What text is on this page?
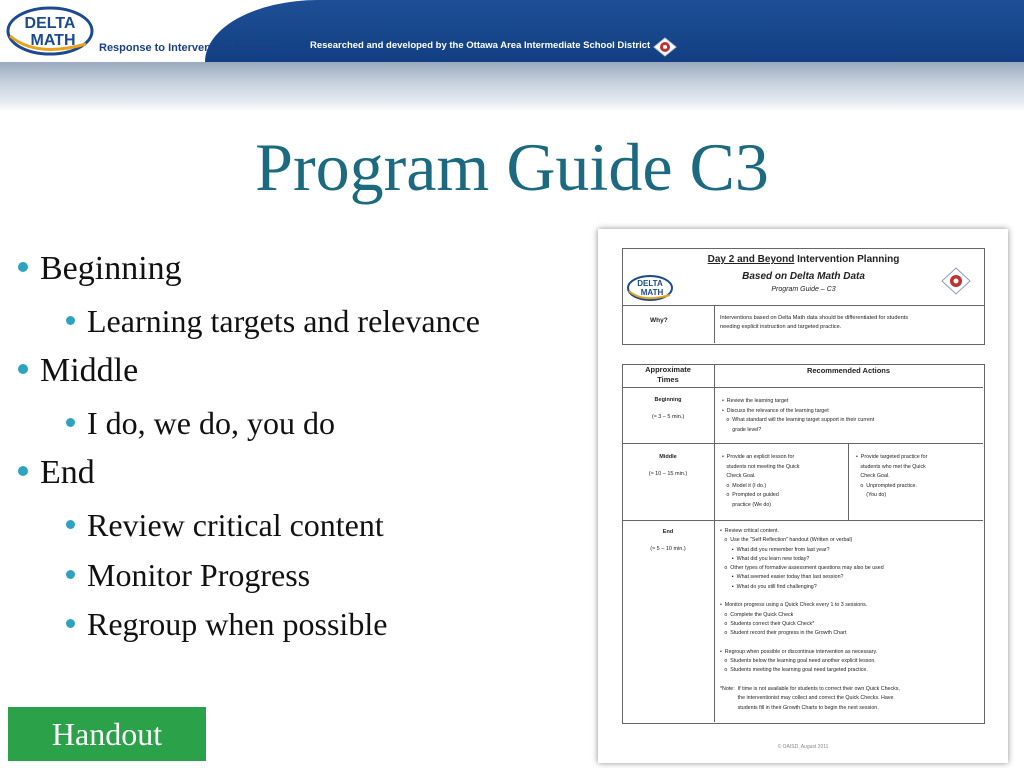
DELTA
MATH Response to Intervention Program	Researched and developed by the Ottawa Area Intermediate School District
Program Guide C3
Beginning
Learning targets and relevance
Middle
I do, we do, you do
End
Review critical content
Monitor Progress
Regroup when possible
Handout
Day 2 and Beyond Intervention Planning
Based on Delta Math Data
Program Guide – C3
DELTA
MATH
Why?	Interventions based on Delta Math data should be differentiated for students
needing explicit instruction and targeted practice.
Approximate
Times
Recommended Actions
Beginning
(≈ 3 – 5 min.)
•  Review the learning target
•  Discuss the relevance of the learning target
o  What standard will the learning target support in their current
grade level?
Middle
(≈ 10 – 15 min.)
•  Provide an explicit lesson for
students not meeting the Quick
Check Goal.
o  Model it (I do.)
o  Prompted or guided
practice (We do)
•  Provide targeted practice for
students who met the Quick
Check Goal.
o  Unprompted practice.
(You do)
End
(≈ 5 – 10 min.)
•  Review critical content.
o  Use the "Self Reflection" handout (Written or verbal)
▪  What did you remember from last year?
▪  What did you learn new today?
o  Other types of formative assessment questions may also be used
▪  What seemed easier today than last session?
▪  What do you still find challenging?
•  Monitor progress using a Quick Check every 1 to 3 sessions.
o  Complete the Quick Check
o  Students correct their Quick Check*
o  Student record their progress in the Growth Chart
•  Regroup when possible or discontinue intervention as necessary.
o  Students below the learning goal need another explicit lesson.
o  Students meeting the learning goal need targeted practice.
*Note:  If time is not available for students to correct their own Quick Checks,
the interventionist may collect and correct the Quick Checks. Have
students fill in their Growth Charts to begin the next session.
© OAISD, August 2011
